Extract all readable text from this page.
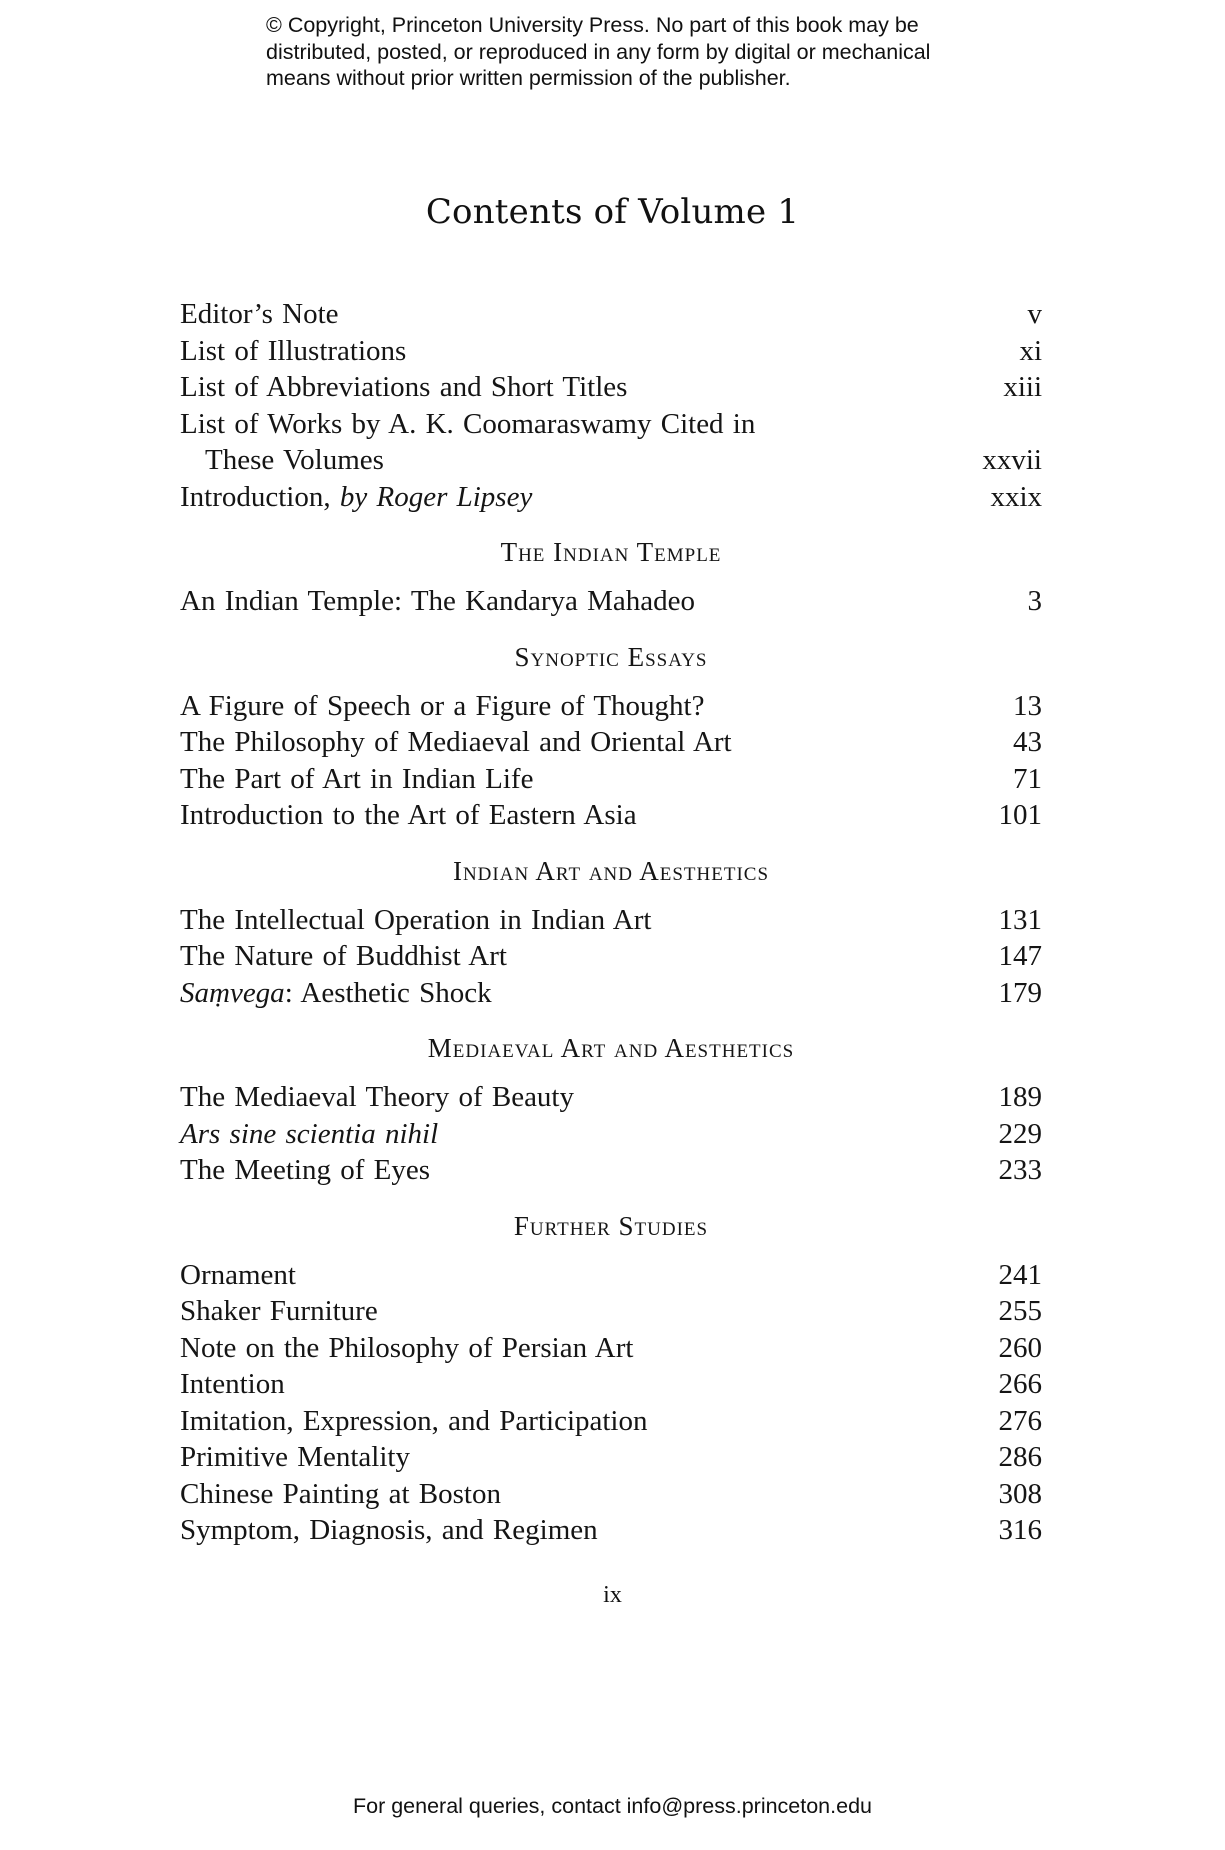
© Copyright, Princeton University Press. No part of this book may be
distributed, posted, or reproduced in any form by digital or mechanical
means without prior written permission of the publisher.
Contents of Volume 1
Editor’s Note	v
List of Illustrations	xi
List of Abbreviations and Short Titles	xiii
List of Works by A. K. Coomaraswamy Cited in
These Volumes	xxvii
Introduction, by Roger Lipsey	xxix
The Indian Temple
An Indian Temple: The Kandarya Mahadeo	3
Synoptic Essays
A Figure of Speech or a Figure of Thought?	13
The Philosophy of Mediaeval and Oriental Art	43
The Part of Art in Indian Life	71
Introduction to the Art of Eastern Asia	101
Indian Art and Aesthetics
The Intellectual Operation in Indian Art	131
The Nature of Buddhist Art	147
Saṃvega: Aesthetic Shock	179
Mediaeval Art and Aesthetics
The Mediaeval Theory of Beauty	189
Ars sine scientia nihil	229
The Meeting of Eyes	233
Further Studies
Ornament	241
Shaker Furniture	255
Note on the Philosophy of Persian Art	260
Intention	266
Imitation, Expression, and Participation	276
Primitive Mentality	286
Chinese Painting at Boston	308
Symptom, Diagnosis, and Regimen	316
ix
For general queries, contact info@press.princeton.edu
